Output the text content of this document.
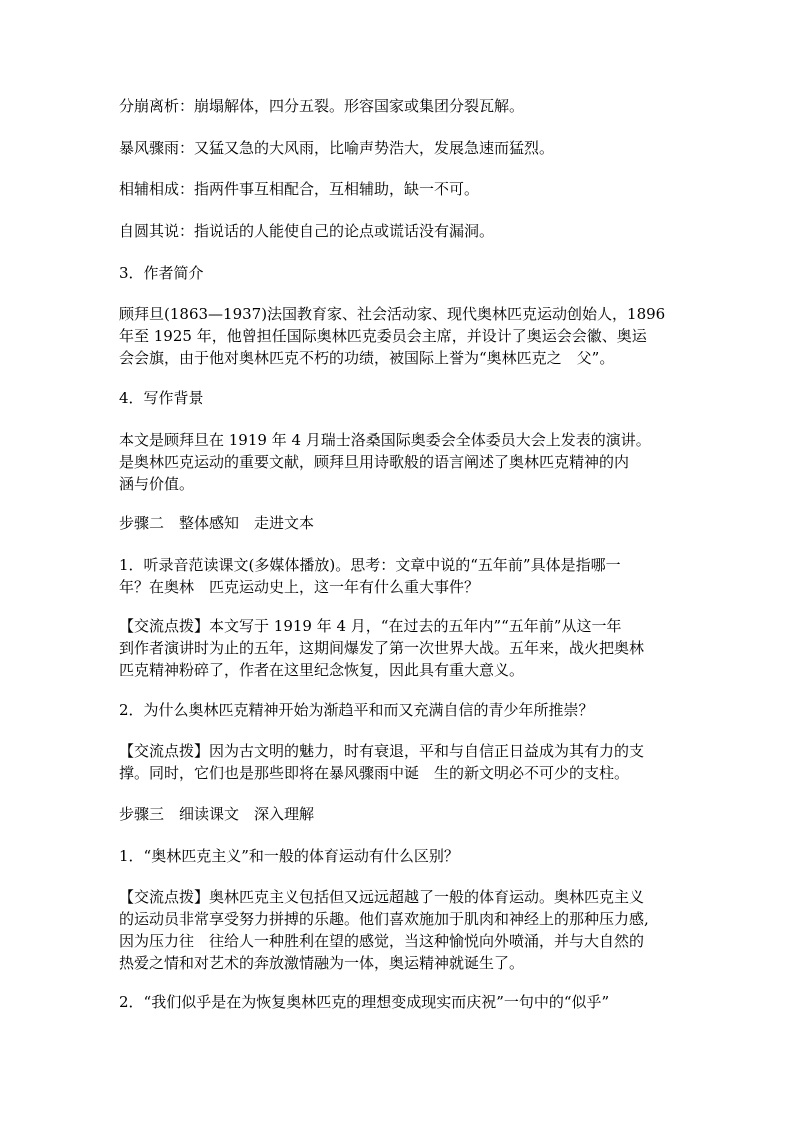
分崩离析：崩塌解体，四分五裂。形容国家或集团分裂瓦解。

暴风骤雨：又猛又急的大风雨，比喻声势浩大，发展急速而猛烈。

相辅相成：指两件事互相配合，互相辅助，缺一不可。

自圆其说：指说话的人能使自己的论点或谎话没有漏洞。

3．作者简介

顾拜旦(1863—1937)法国教育家、社会活动家、现代奥林匹克运动创始人，1896
年至 1925 年，他曾担任国际奥林匹克委员会主席，并设计了奥运会会徽、奥运
会会旗，由于他对奥林匹克不朽的功绩，被国际上誉为“奥林匹克之　父”。

4．写作背景

本文是顾拜旦在 1919 年 4 月瑞士洛桑国际奥委会全体委员大会上发表的演讲。
是奥林匹克运动的重要文献，顾拜旦用诗歌般的语言阐述了奥林匹克精神的内
涵与价值。

步骤二　整体感知　走进文本

1．听录音范读课文(多媒体播放)。思考：文章中说的“五年前”具体是指哪一
年？在奥林　匹克运动史上，这一年有什么重大事件？

【交流点拨】本文写于 1919 年 4 月，“在过去的五年内”“五年前”从这一年
到作者演讲时为止的五年，这期间爆发了第一次世界大战。五年来，战火把奥林
匹克精神粉碎了，作者在这里纪念恢复，因此具有重大意义。

2．为什么奥林匹克精神开始为渐趋平和而又充满自信的青少年所推崇？

【交流点拨】因为古文明的魅力，时有衰退，平和与自信正日益成为其有力的支
撑。同时，它们也是那些即将在暴风骤雨中诞　生的新文明必不可少的支柱。

步骤三　细读课文　深入理解

1．“奥林匹克主义”和一般的体育运动有什么区别？

【交流点拨】奥林匹克主义包括但又远远超越了一般的体育运动。奥林匹克主义
的运动员非常享受努力拼搏的乐趣。他们喜欢施加于肌肉和神经上的那种压力感,
因为压力往　往给人一种胜利在望的感觉，当这种愉悦向外喷涌，并与大自然的
热爱之情和对艺术的奔放激情融为一体，奥运精神就诞生了。

2．“我们似乎是在为恢复奥林匹克的理想变成现实而庆祝”一句中的“似乎”
